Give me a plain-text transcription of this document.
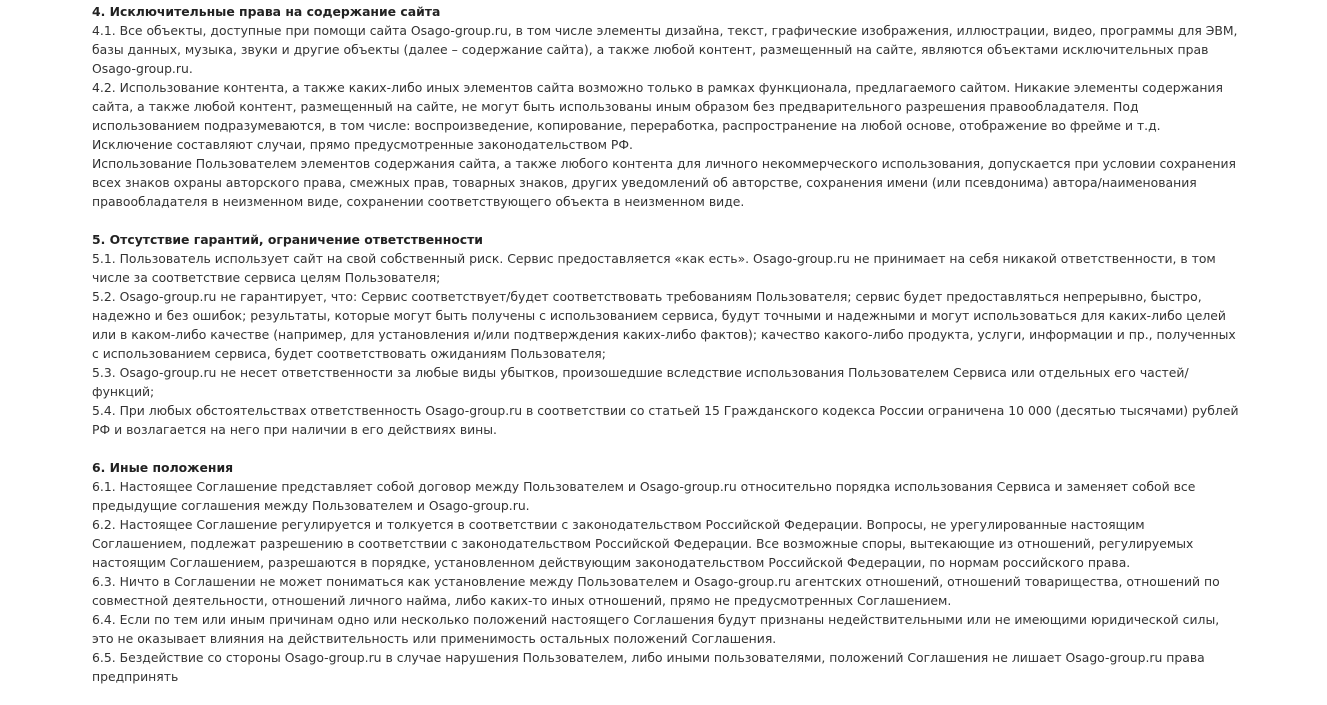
4. Исключительные права на содержание сайта

4.1. Все объекты, доступные при помощи сайта Osago-group.ru, в том числе элементы дизайна, текст, графические изображения, иллюстрации, видео, программы для ЭВМ, базы данных, музыка, звуки и другие объекты (далее – содержание сайта), а также любой контент, размещенный на сайте, являются объектами исключительных прав Osago-group.ru.

4.2. Использование контента, а также каких-либо иных элементов сайта возможно только в рамках функционала, предлагаемого сайтом. Никакие элементы содержания сайта, а также любой контент, размещенный на сайте, не могут быть использованы иным образом без предварительного разрешения правообладателя. Под использованием подразумеваются, в том числе: воспроизведение, копирование, переработка, распространение на любой основе, отображение во фрейме и т.д. Исключение составляют случаи, прямо предусмотренные законодательством РФ.

Использование Пользователем элементов содержания сайта, а также любого контента для личного некоммерческого использования, допускается при условии сохранения всех знаков охраны авторского права, смежных прав, товарных знаков, других уведомлений об авторстве, сохранения имени (или псевдонима) автора/наименования правообладателя в неизменном виде, сохранении соответствующего объекта в неизменном виде.

5. Отсутствие гарантий, ограничение ответственности

5.1. Пользователь использует сайт на свой собственный риск. Сервис предоставляется «как есть». Osago-group.ru не принимает на себя никакой ответственности, в том числе за соответствие сервиса целям Пользователя;

5.2. Osago-group.ru не гарантирует, что: Сервис соответствует/будет соответствовать требованиям Пользователя; сервис будет предоставляться непрерывно, быстро, надежно и без ошибок; результаты, которые могут быть получены с использованием сервиса, будут точными и надежными и могут использоваться для каких-либо целей или в каком-либо качестве (например, для установления и/или подтверждения каких-либо фактов); качество какого-либо продукта, услуги, информации и пр., полученных с использованием сервиса, будет соответствовать ожиданиям Пользователя;

5.3. Osago-group.ru не несет ответственности за любые виды убытков, произошедшие вследствие использования Пользователем Сервиса или отдельных его частей/функций;

5.4. При любых обстоятельствах ответственность Osago-group.ru в соответствии со статьей 15 Гражданского кодекса России ограничена 10 000 (десятью тысячами) рублей РФ и возлагается на него при наличии в его действиях вины.

6. Иные положения

6.1. Настоящее Соглашение представляет собой договор между Пользователем и Osago-group.ru относительно порядка использования Сервиса и заменяет собой все предыдущие соглашения между Пользователем и Osago-group.ru.

6.2. Настоящее Соглашение регулируется и толкуется в соответствии с законодательством Российской Федерации. Вопросы, не урегулированные настоящим Соглашением, подлежат разрешению в соответствии с законодательством Российской Федерации. Все возможные споры, вытекающие из отношений, регулируемых настоящим Соглашением, разрешаются в порядке, установленном действующим законодательством Российской Федерации, по нормам российского права.

6.3. Ничто в Соглашении не может пониматься как установление между Пользователем и Osago-group.ru агентских отношений, отношений товарищества, отношений по совместной деятельности, отношений личного найма, либо каких-то иных отношений, прямо не предусмотренных Соглашением.

6.4. Если по тем или иным причинам одно или несколько положений настоящего Соглашения будут признаны недействительными или не имеющими юридической силы, это не оказывает влияния на действительность или применимость остальных положений Соглашения.

6.5. Бездействие со стороны Osago-group.ru в случае нарушения Пользователем, либо иными пользователями, положений Соглашения не лишает Osago-group.ru права предпринять
